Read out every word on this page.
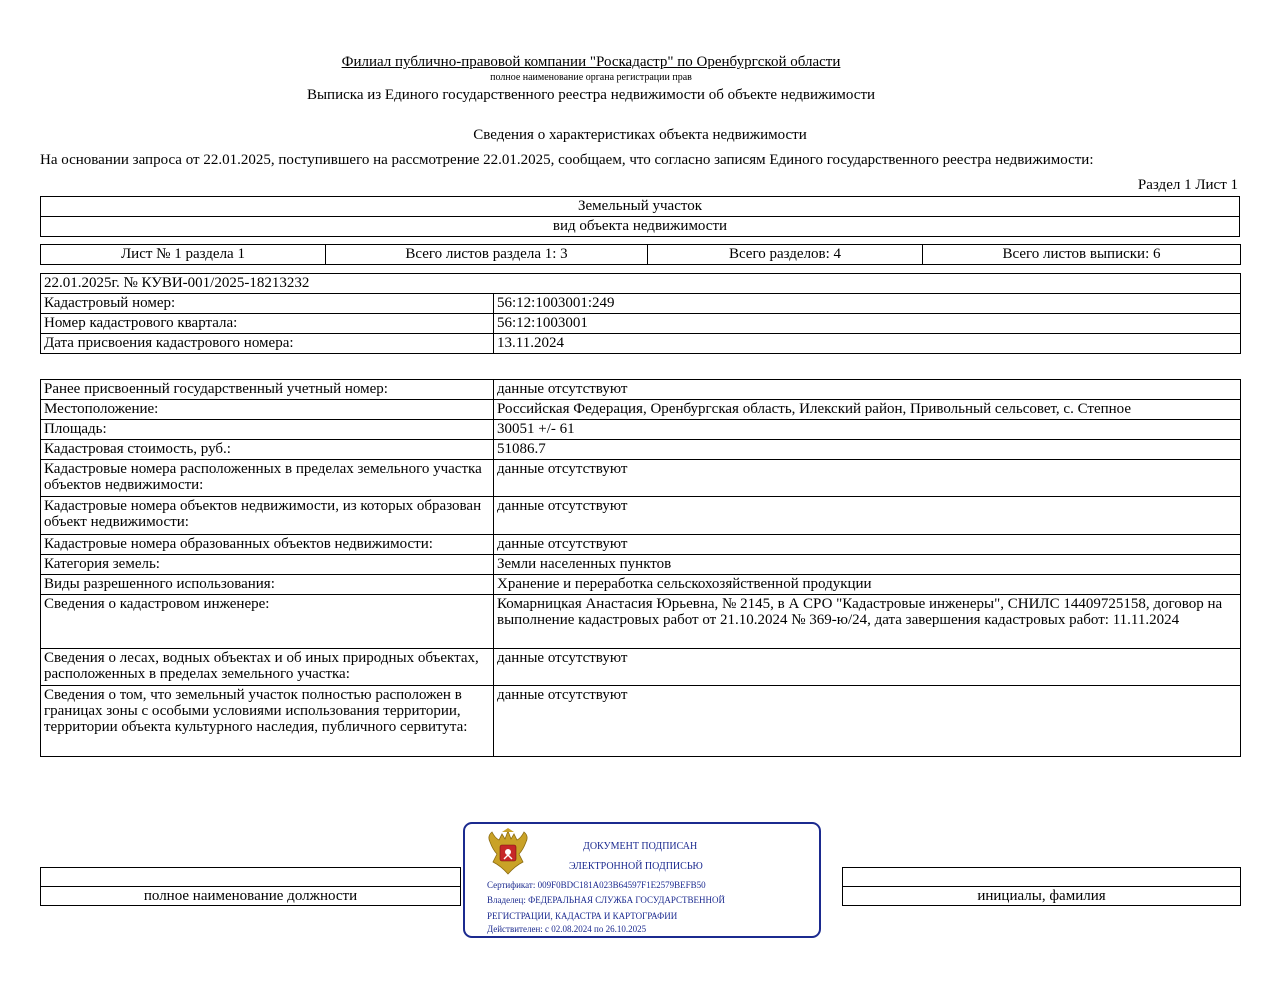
Филиал публично-правовой компании "Роскадастр" по Оренбургской области
полное наименование органа регистрации прав
Выписка из Единого государственного реестра недвижимости об объекте недвижимости
Сведения о характеристиках объекта недвижимости
На основании запроса от 22.01.2025, поступившего на рассмотрение 22.01.2025, сообщаем, что согласно записям Единого государственного реестра недвижимости:
Раздел 1 Лист 1
Земельный участок
вид объекта недвижимости
Лист № 1 раздела 1	Всего листов раздела 1: 3	Всего разделов: 4	Всего листов выписки: 6
22.01.2025г. № КУВИ-001/2025-18213232	
Кадастровый номер:	56:12:1003001:249
Номер кадастрового квартала:	56:12:1003001
Дата присвоения кадастрового номера:	13.11.2024
Ранее присвоенный государственный учетный номер:	данные отсутствуют
Местоположение:	Российская Федерация, Оренбургская область, Илекский район, Привольный сельсовет, с. Степное
Площадь:	30051 +/- 61
Кадастровая стоимость, руб.:	51086.7
Кадастровые номера расположенных в пределах земельного участка объектов недвижимости:	данные отсутствуют
Кадастровые номера объектов недвижимости, из которых образован объект недвижимости:	данные отсутствуют
Кадастровые номера образованных объектов недвижимости:	данные отсутствуют
Категория земель:	Земли населенных пунктов
Виды разрешенного использования:	Хранение и переработка сельскохозяйственной продукции
Сведения о кадастровом инженере:	Комарницкая Анастасия Юрьевна, № 2145, в А СРО "Кадастровые инженеры", СНИЛС 14409725158, договор на выполнение кадастровых работ от 21.10.2024 № 369-ю/24, дата завершения кадастровых работ: 11.11.2024
Сведения о лесах, водных объектах и об иных природных объектах, расположенных в пределах земельного участка:	данные отсутствуют
Сведения о том, что земельный участок полностью расположен в границах зоны с особыми условиями использования территории, территории объекта культурного наследия, публичного сервитута:	данные отсутствуют

полное наименование должности		инициалы, фамилия
ДОКУМЕНТ ПОДПИСАН
ЭЛЕКТРОННОЙ ПОДПИСЬЮ
Сертификат: 009F0BDC181A023B64597F1E2579BEFB50
Владелец: ФЕДЕРАЛЬНАЯ СЛУЖБА ГОСУДАРСТВЕННОЙ
РЕГИСТРАЦИИ, КАДАСТРА И КАРТОГРАФИИ
Действителен: с 02.08.2024 по 26.10.2025
